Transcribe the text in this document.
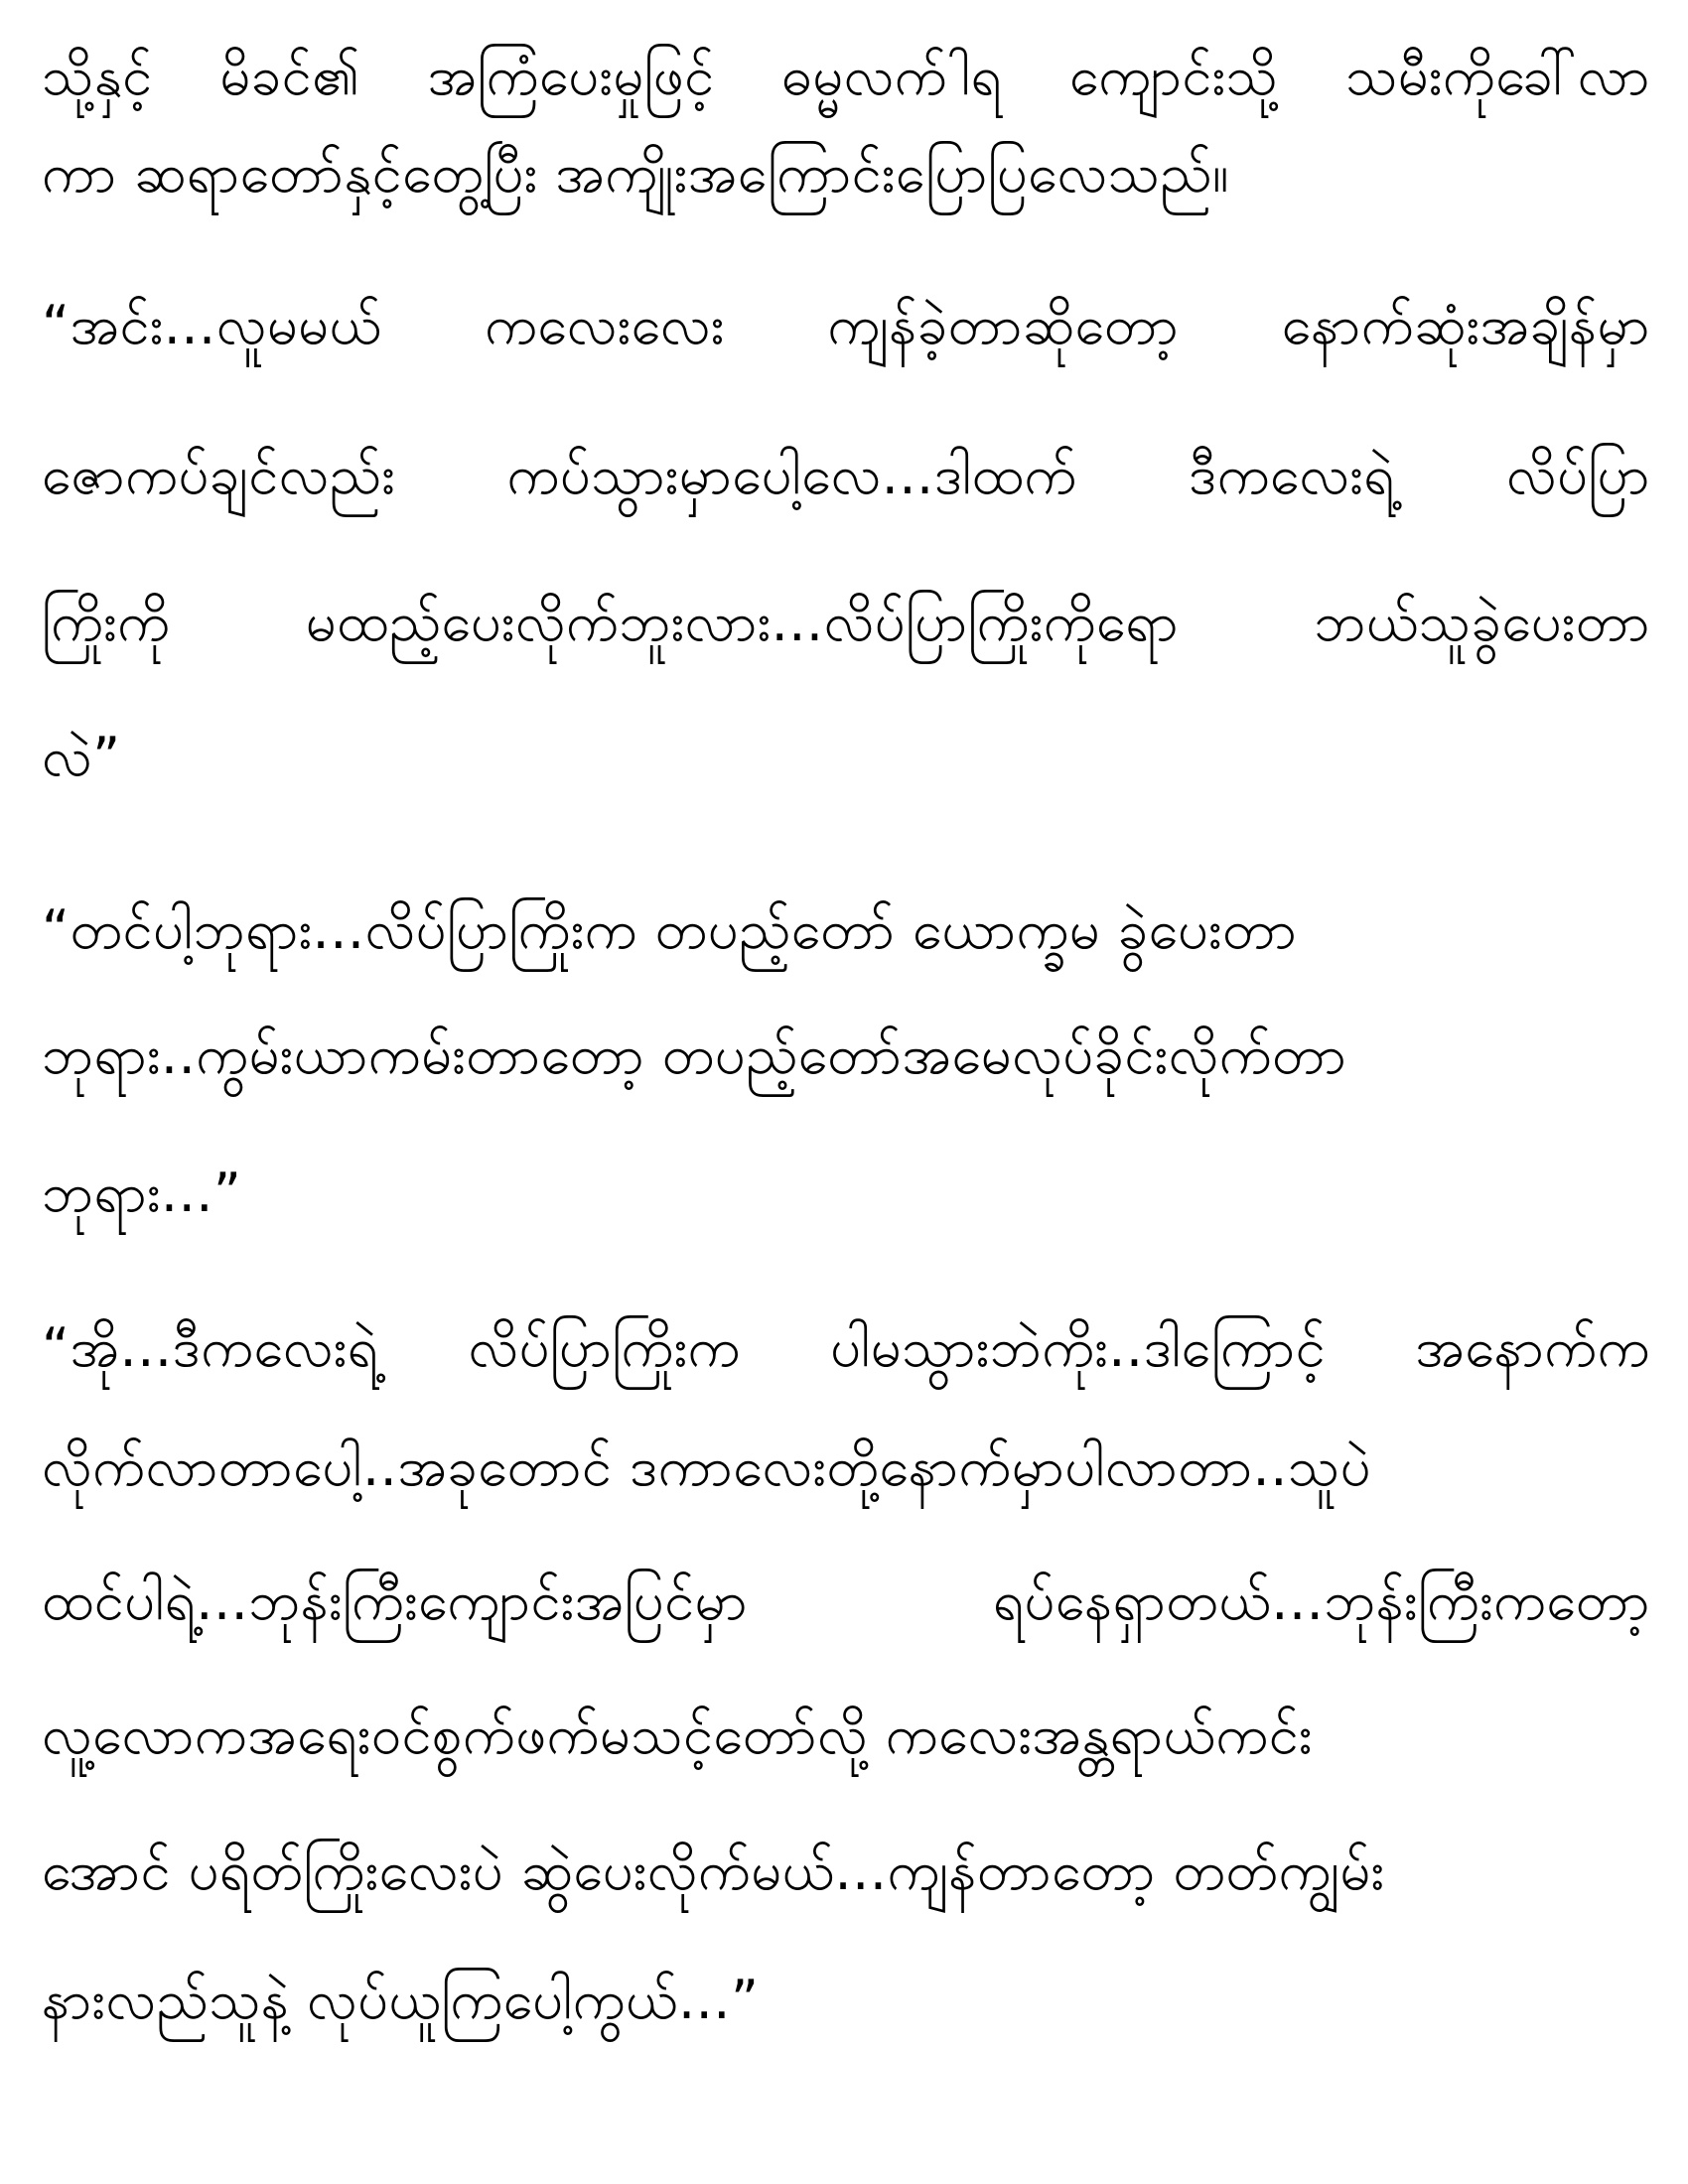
သို့နှင့် မိခင်၏ အကြံပေးမှုဖြင့် ဓမ္မလက်ါရ ကျောင်းသို့ သမီးကိုခေါ်လာ
ကာ ဆရာတော်နှင့်တွေ့ပြီး အကျိုးအကြောင်းပြောပြလေသည်။
“အင်း...လူမမယ် ကလေးလေး ကျန်ခဲ့တာဆိုတော့ နောက်ဆုံးအချိန်မှာ
ဇောကပ်ချင်လည်း ကပ်သွားမှာပေါ့လေ...ဒါထက် ဒီကလေးရဲ့ လိပ်ပြာ
ကြိုးကို မထည့်ပေးလိုက်ဘူးလား...လိပ်ပြာကြိုးကိုရော ဘယ်သူခွဲပေးတာ
လဲ”
“တင်ပါ့ဘုရား...လိပ်ပြာကြိုးက တပည့်တော် ယောက္ခမ ခွဲပေးတာ
ဘုရား..ကွမ်းယာကမ်းတာတော့ တပည့်တော်အမေလုပ်ခိုင်းလိုက်တာ
ဘုရား...”
“အို...ဒီကလေးရဲ့ လိပ်ပြာကြိုးက ပါမသွားဘဲကိုး..ဒါကြောင့် အနောက်က
လိုက်လာတာပေါ့..အခုတောင် ဒကာလေးတို့နောက်မှာပါလာတာ..သူပဲ
ထင်ပါရဲ့...ဘုန်းကြီးကျောင်းအပြင်မှာ ရပ်နေရှာတယ်...ဘုန်းကြီးကတော့
လူ့လောကအရေးဝင်စွက်ဖက်မသင့်တော်လို့ ကလေးအန္တရာယ်ကင်း
အောင် ပရိတ်ကြိုးလေးပဲ ဆွဲပေးလိုက်မယ်...ကျန်တာတော့ တတ်ကျွမ်း
နားလည်သူနဲ့ လုပ်ယူကြပေါ့ကွယ်...”
